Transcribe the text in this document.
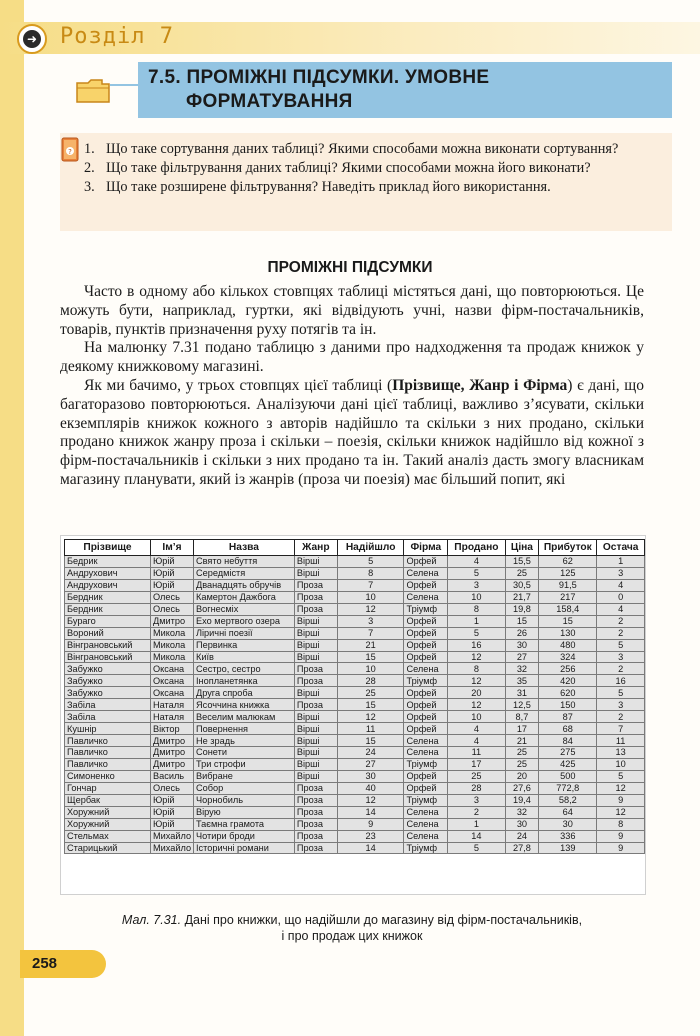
➜ Розділ 7
7.5. ПРОМІЖНІ ПІДСУМКИ. УМОВНЕ
ФОРМАТУВАННЯ
? 1. Що таке сортування даних таблиці? Якими способами можна виконати сортування?
2. Що таке фільтрування даних таблиці? Якими способами можна його виконати?
3. Що таке розширене фільтрування? Наведіть приклад його використання.
ПРОМІЖНІ ПІДСУМКИ

Часто в одному або кількох стовпцях таблиці містяться дані, що повторюються. Це можуть бути, наприклад, гуртки, які відвідують учні, назви фірм-постачальників, товарів, пунктів призначення руху потягів та ін.

На малюнку 7.31 подано таблицю з даними про надходження та продаж книжок у деякому книжковому магазині.

Як ми бачимо, у трьох стовпцях цієї таблиці (Прізвище, Жанр і Фірма) є дані, що багаторазово повторюються. Аналізуючи дані цієї таблиці, важливо з’ясувати, скільки екземплярів книжок кожного з авторів надійшло та скільки з них продано, скільки продано книжок жанру проза і скільки – поезія, скільки книжок надійшло від кожної з фірм-постачальників і скільки з них продано та ін. Такий аналіз дасть змогу власникам магазину планувати, який із жанрів (проза чи поезія) має більший попит, які

Прізвище	Ім’я	Назва	Жанр	Надійшло	Фірма	Продано	Ціна	Прибуток	Остача
Бедрик	Юрій	Свято небуття	Вірші	5	Орфей	4	15,5	62	1
Андрухович	Юрій	Середмістя	Вірші	8	Селена	5	25	125	3
Андрухович	Юрій	Дванадцять обручів	Проза	7	Орфей	3	30,5	91,5	4
Бердник	Олесь	Камертон Дажбога	Проза	10	Селена	10	21,7	217	0
Бердник	Олесь	Вогнесміх	Проза	12	Тріумф	8	19,8	158,4	4
Бураго	Дмитро	Ехо мертвого озера	Вірші	3	Орфей	1	15	15	2
Вороний	Микола	Ліричні поезії	Вірші	7	Орфей	5	26	130	2
Вінграновський	Микола	Первинка	Вірші	21	Орфей	16	30	480	5
Вінграновський	Микола	Київ	Вірші	15	Орфей	12	27	324	3
Забужко	Оксана	Сестро, сестро	Проза	10	Селена	8	32	256	2
Забужко	Оксана	Інопланетянка	Проза	28	Тріумф	12	35	420	16
Забужко	Оксана	Друга спроба	Вірші	25	Орфей	20	31	620	5
Забіла	Наталя	Ясоччина книжка	Проза	15	Орфей	12	12,5	150	3
Забіла	Наталя	Веселим малюкам	Вірші	12	Орфей	10	8,7	87	2
Кушнір	Віктор	Повернення	Вірші	11	Орфей	4	17	68	7
Павличко	Дмитро	Не зрадь	Вірші	15	Селена	4	21	84	11
Павличко	Дмитро	Сонети	Вірші	24	Селена	11	25	275	13
Павличко	Дмитро	Три строфи	Вірші	27	Тріумф	17	25	425	10
Симоненко	Василь	Вибране	Вірші	30	Орфей	25	20	500	5
Гончар	Олесь	Собор	Проза	40	Орфей	28	27,6	772,8	12
Щербак	Юрій	Чорнобиль	Проза	12	Тріумф	3	19,4	58,2	9
Хоружний	Юрій	Вірую	Проза	14	Селена	2	32	64	12
Хоружний	Юрій	Таємна грамота	Проза	9	Селена	1	30	30	8
Стельмах	Михайло	Чотири броди	Проза	23	Селена	14	24	336	9
Старицький	Михайло	Історичні романи	Проза	14	Тріумф	5	27,8	139	9
Мал. 7.31. Дані про книжки, що надійшли до магазину від фірм-постачальників,
і про продаж цих книжок
258
